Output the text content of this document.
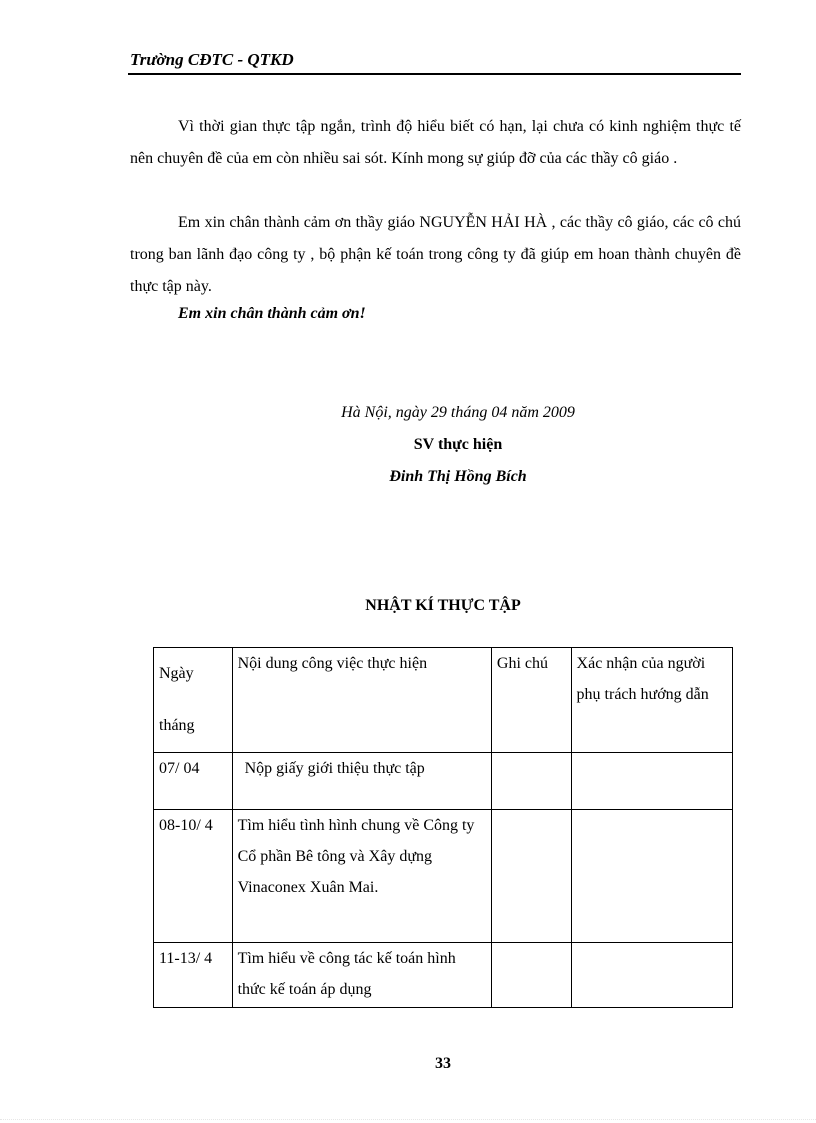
Trường CĐTC - QTKD
Vì thời gian thực tập ngắn, trình độ hiểu biết có hạn, lại chưa có kinh nghiệm thực tế nên chuyên đề của em còn nhiều sai sót. Kính mong sự giúp đỡ của các thầy cô giáo .
Em xin chân thành cảm ơn thầy giáo NGUYỄN HẢI HÀ , các thầy cô giáo, các cô chú trong ban lãnh đạo công ty , bộ phận kế toán trong công ty đã giúp em hoan thành chuyên đề thực tập này.
Em xin chân thành cảm ơn!
Hà Nội, ngày 29 tháng 04 năm 2009
SV thực hiện
Đinh Thị Hồng Bích
NHẬT KÍ THỰC TẬP
Ngày tháng	Nội dung công việc thực hiện	Ghi chú	Xác nhận của người phụ trách hướng dẫn
07/ 04	Nộp giấy giới thiệu thực tập		
08-10/ 4	Tìm hiểu tình hình chung về Công ty Cổ phần Bê tông và Xây dựng Vinaconex Xuân Mai.		
11-13/ 4	Tìm hiểu về công tác kế toán hình thức kế toán áp dụng		
33
